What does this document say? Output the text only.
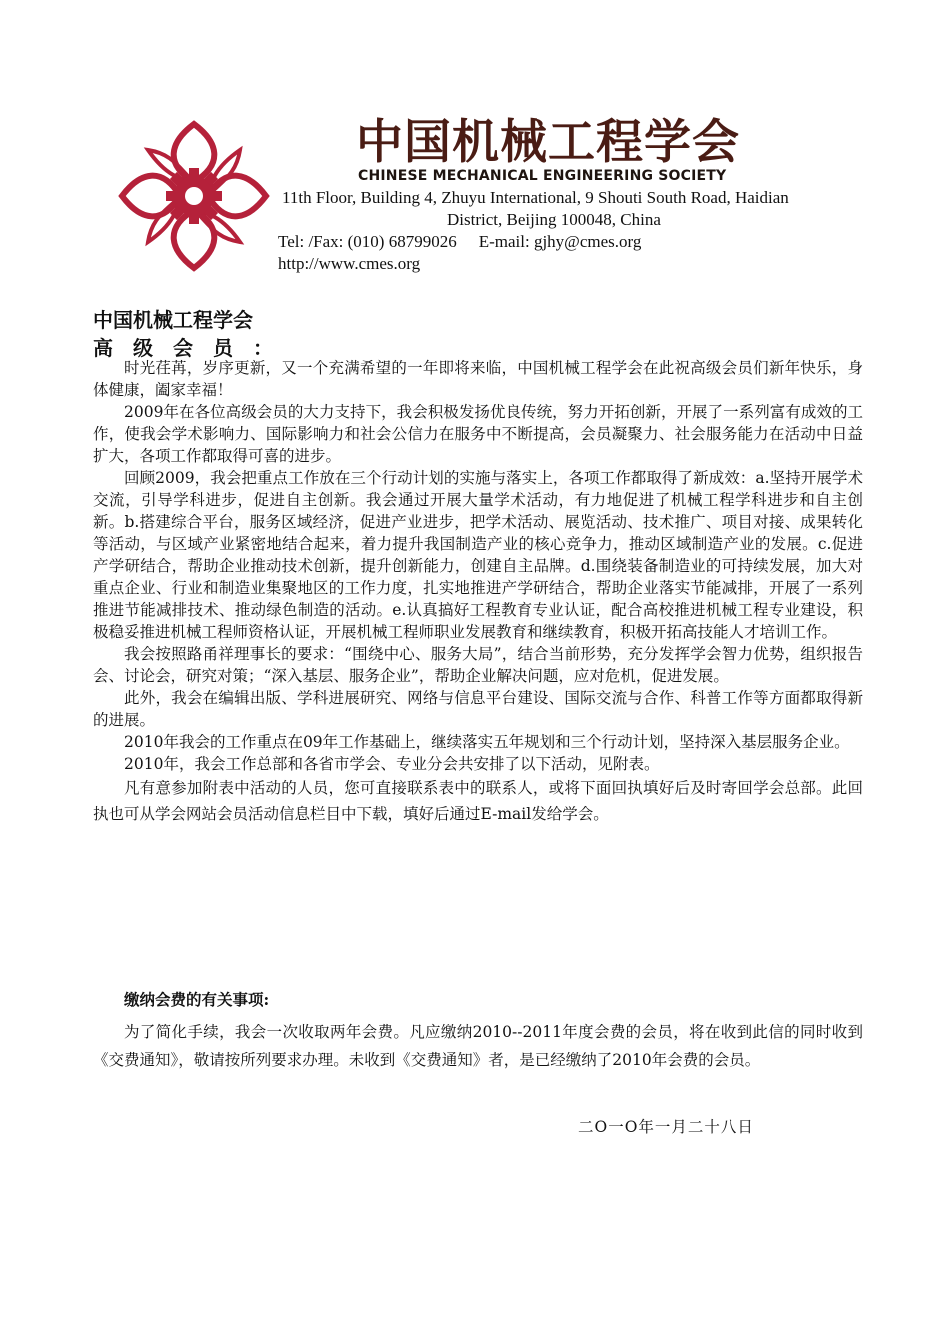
中国机械工程学会
CHINESE MECHANICAL ENGINEERING SOCIETY
11th Floor, Building 4, Zhuyu International, 9 Shouti South Road, Haidian
District, Beijing 100048, China
Tel: /Fax: (010) 68799026 E-mail: gjhy@cmes.org
http://www.cmes.org
中国机械工程学会
高级会员：

时光荏苒，岁序更新，又一个充满希望的一年即将来临，中国机械工程学会在此祝高级会员们新年快乐，身体健康，阖家幸福！

2009年在各位高级会员的大力支持下，我会积极发扬优良传统，努力开拓创新，开展了一系列富有成效的工作，使我会学术影响力、国际影响力和社会公信力在服务中不断提高，会员凝聚力、社会服务能力在活动中日益扩大，各项工作都取得可喜的进步。

回顾2009，我会把重点工作放在三个行动计划的实施与落实上，各项工作都取得了新成效：a.坚持开展学术交流，引导学科进步，促进自主创新。我会通过开展大量学术活动，有力地促进了机械工程学科进步和自主创新。b.搭建综合平台，服务区域经济，促进产业进步，把学术活动、展览活动、技术推广、项目对接、成果转化等活动，与区域产业紧密地结合起来，着力提升我国制造产业的核心竞争力，推动区域制造产业的发展。c.促进产学研结合，帮助企业推动技术创新，提升创新能力，创建自主品牌。d.围绕装备制造业的可持续发展，加大对重点企业、行业和制造业集聚地区的工作力度，扎实地推进产学研结合，帮助企业落实节能减排，开展了一系列推进节能减排技术、推动绿色制造的活动。e.认真搞好工程教育专业认证，配合高校推进机械工程专业建设，积极稳妥推进机械工程师资格认证，开展机械工程师职业发展教育和继续教育，积极开拓高技能人才培训工作。

我会按照路甬祥理事长的要求：“围绕中心、服务大局”，结合当前形势，充分发挥学会智力优势，组织报告会、讨论会，研究对策；“深入基层、服务企业”，帮助企业解决问题，应对危机，促进发展。

此外，我会在编辑出版、学科进展研究、网络与信息平台建设、国际交流与合作、科普工作等方面都取得新的进展。

2010年我会的工作重点在09年工作基础上，继续落实五年规划和三个行动计划，坚持深入基层服务企业。

2010年，我会工作总部和各省市学会、专业分会共安排了以下活动，见附表。

凡有意参加附表中活动的人员，您可直接联系表中的联系人，或将下面回执填好后及时寄回学会总部。此回执也可从学会网站会员活动信息栏目中下载，填好后通过E-mail发给学会。

缴纳会费的有关事项:

为了简化手续，我会一次收取两年会费。凡应缴纳2010--2011年度会费的会员，将在收到此信的同时收到《交费通知》，敬请按所列要求办理。未收到《交费通知》者，是已经缴纳了2010年会费的会员。

二O一O年一月二十八日
